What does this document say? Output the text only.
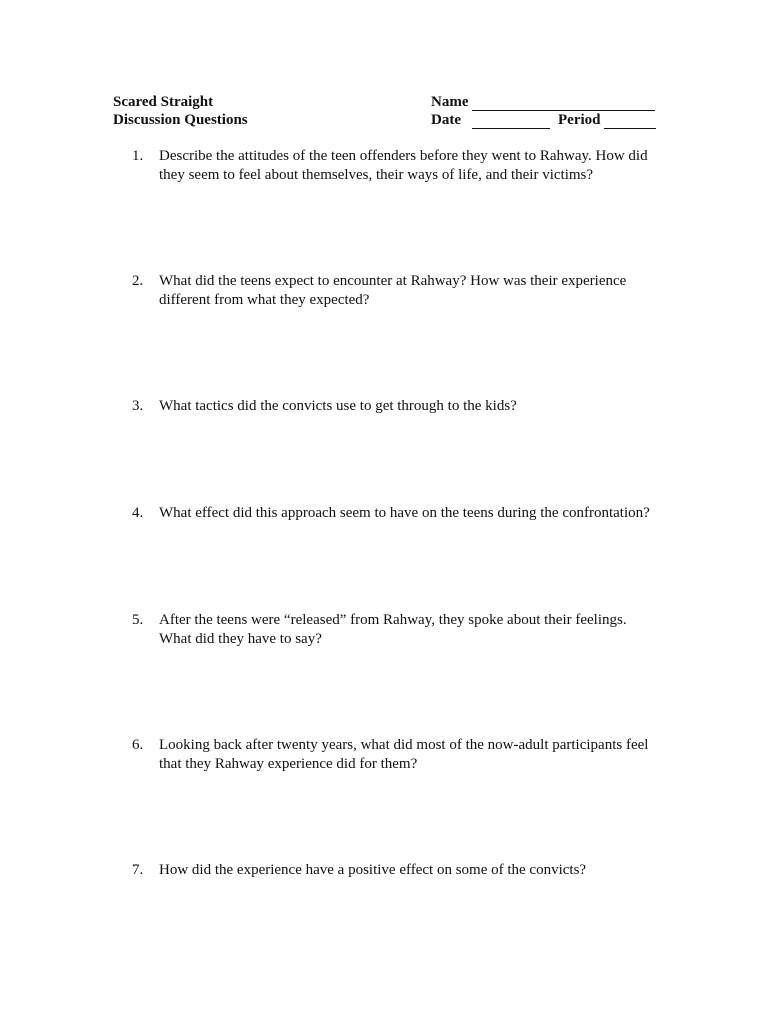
Scared Straight
Discussion Questions
Name
Date	Period
1.	Describe the attitudes of the teen offenders before they went to Rahway. How did they seem to feel about themselves, their ways of life, and their victims?
2.	What did the teens expect to encounter at Rahway? How was their experience different from what they expected?
3.	What tactics did the convicts use to get through to the kids?
4.	What effect did this approach seem to have on the teens during the confrontation?
5.	After the teens were “released” from Rahway, they spoke about their feelings. What did they have to say?
6.	Looking back after twenty years, what did most of the now-adult participants feel that they Rahway experience did for them?
7.	How did the experience have a positive effect on some of the convicts?
